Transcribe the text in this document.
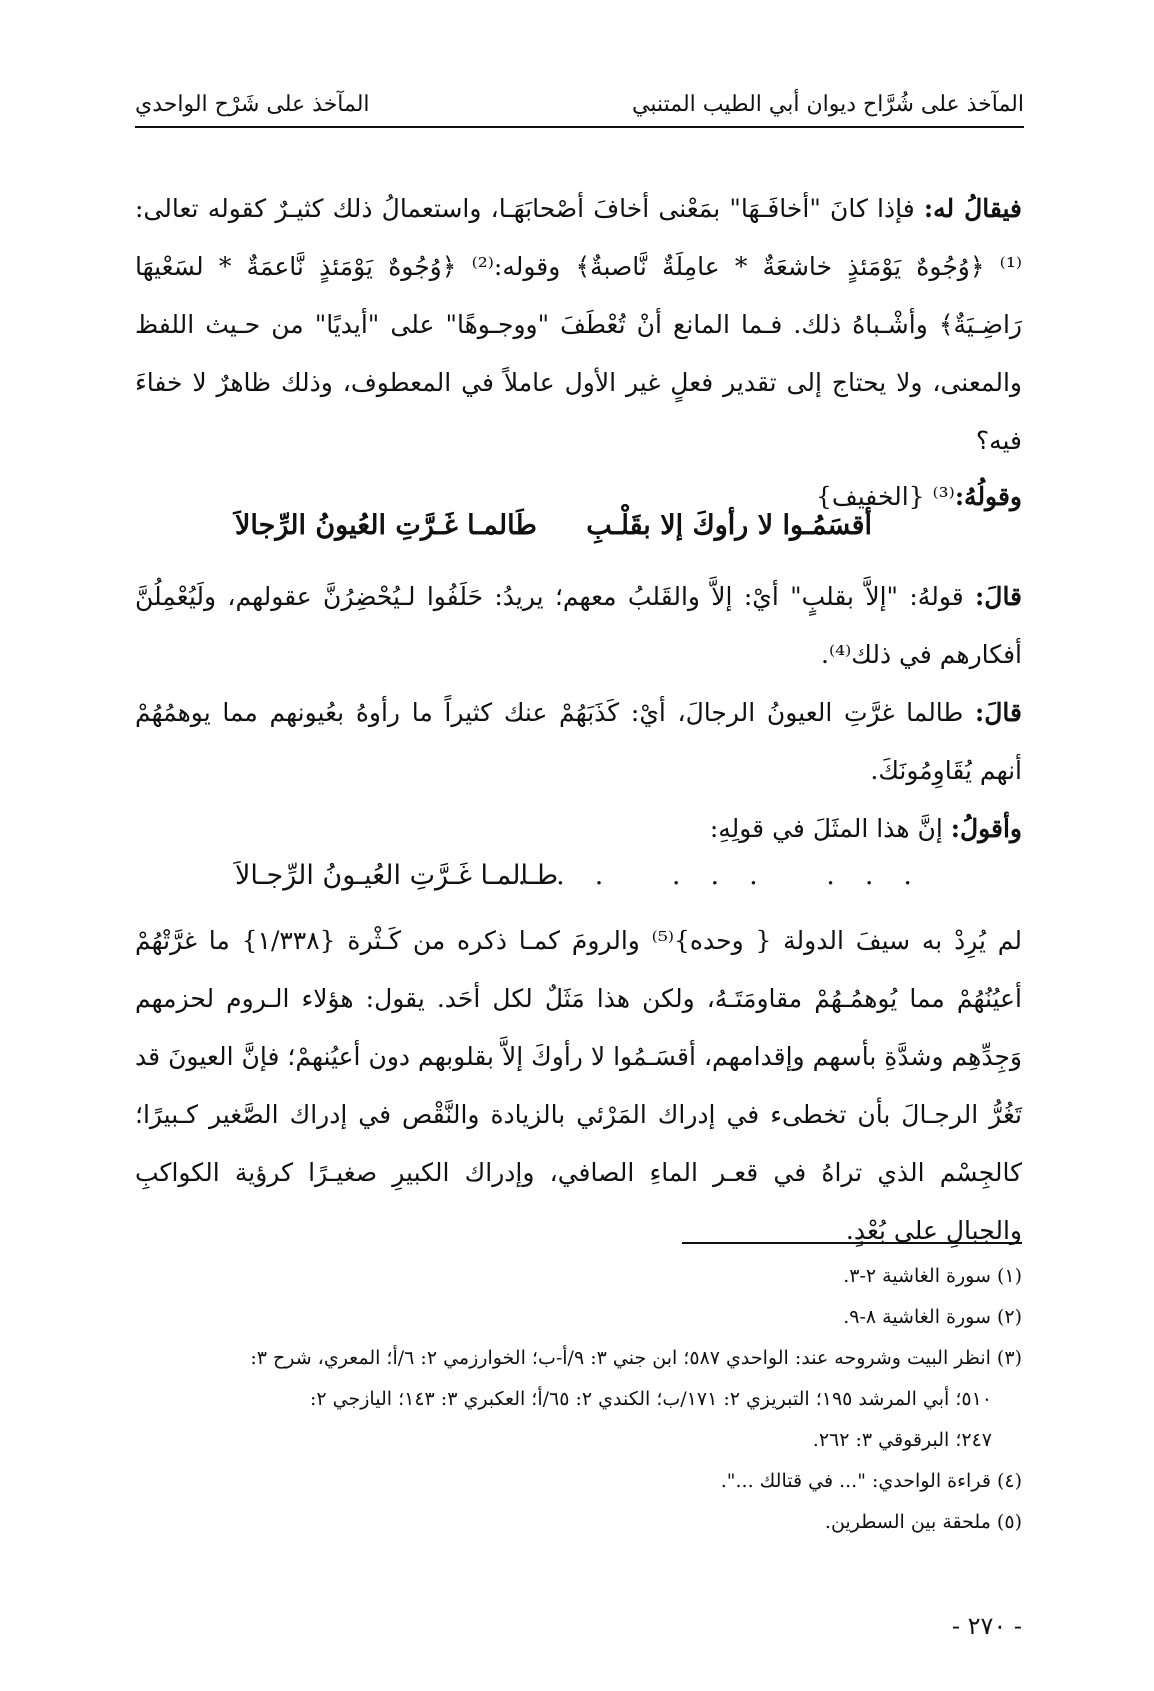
المآخذ على شُرَّاح ديوان أبي الطيب المتنبي
المآخذ على شَرْح الواحدي

فيقالُ له: فإذا كانَ "أخافَـهَا" بمَعْنى أخافَ أصْحابَهَـا، واستعمالُ ذلك كثيـرٌ كقوله تعالى:⁽¹⁾ ﴿وُجُوهٌ يَوْمَئذٍ خاشعَةٌ * عامِلَةٌ نَّاصبةٌ﴾ وقوله:⁽²⁾ ﴿وُجُوهٌ يَوْمَئذٍ نَّاعمَةٌ * لسَعْيهَا رَاضِـيَةٌ﴾ وأشْـباهُ ذلك. فـما المانع أنْ تُعْطَفَ "ووجـوهًا" على "أيديًا" من حـيث اللفظ والمعنى، ولا يحتاج إلى تقدير فعلٍ غير الأول عاملاً في المعطوف، وذلك ظاهرٌ لا خفاءَ فيه؟

وقولُهُ:⁽³⁾ {الخفيف}

أقسَمُـوا لا رأوكَ إلا بقَلْـبِ
طَالمـا غَـرَّتِ العُيونُ الرِّجالاَ

قالَ: قولهُ: "إلاَّ بقلبٍ" أيْ: إلاَّ والقَلبُ معهم؛ يريدُ: حَلَفُوا لـيُحْضِرُنَّ عقولهم، ولَيُعْمِلُنَّ أفكارهم في ذلك⁽⁴⁾.

قالَ: طالما غرَّتِ العيونُ الرجالَ، أيْ: كَذَبَهُمْ عنك كثيراً ما رأوهُ بعُيونهم مما يوهمُهُمْ أنهم يُقَاوِمُونَكَ.

وأقولُ: إنَّ هذا المثَلَ في قولِهِ:

... ... ...
طـالمـا غَـرَّتِ العُيـونُ الرِّجـالاَ

لم يُرِدْ به سيفَ الدولة { وحده}⁽⁵⁾ والرومَ كمـا ذكره من كَـثْرة {١/٣٣٨} ما غرَّتْهُمْ أعيُنُهُمْ مما يُوهمُـهُمْ مقاومَتَـهُ، ولكن هذا مَثَلٌ لكل أحَد. يقول: هؤلاء الـروم لحزمهم وَجِدِّهِم وشدَّةِ بأسهم وإقدامهم، أقسَـمُوا لا رأوكَ إلاَّ بقلوبهم دون أعيُنهمْ؛ فإنَّ العيونَ قد تَغُرُّ الرجـالَ بأن تخطىء في إدراك المَرْئي بالزيادة والنَّقْص في إدراك الصَّغير كـبيرًا؛ كالجِسْم الذي تراهُ في قعـر الماءِ الصافي، وإدراك الكبيرِ صغيـرًا كرؤية الكواكبِ والجبالِ على بُعْدٍ.

(١) سورة الغاشية ٢-٣.

(٢) سورة الغاشية ٨-٩.

(٣) انظر البيت وشروحه عند: الواحدي ٥٨٧؛ ابن جني ٣: ٩/أ-ب؛ الخوارزمي ٢: ٦/أ؛ المعري، شرح ٣:

٥١٠؛ أبي المرشد ١٩٥؛ التبريزي ٢: ١٧١/ب؛ الكندي ٢: ٦٥/أ؛ العكبري ٣: ١٤٣؛ اليازجي ٢:

٢٤٧؛ البرقوقي ٣: ٢٦٢.

(٤) قراءة الواحدي: "... في قتالك ...".

(٥) ملحقة بين السطرين.

- ٢٧٠ -
